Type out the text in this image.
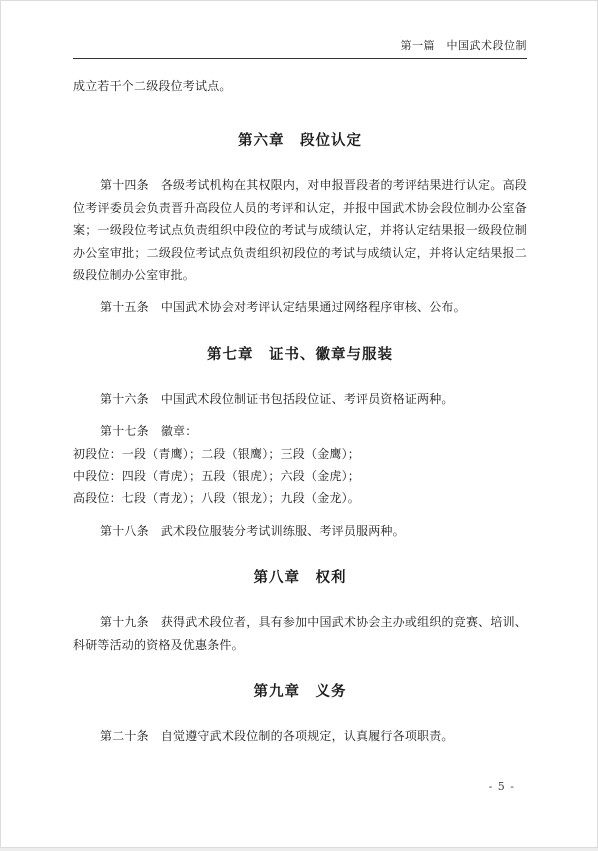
第一篇　中国武术段位制

成立若干个二级段位考试点。

第六章　段位认定

第十四条 各级考试机构在其权限内，对申报晋段者的考评结果进行认定。高段位考评委员会负责晋升高段位人员的考评和认定，并报中国武术协会段位制办公室备案；一级段位考试点负责组织中段位的考试与成绩认定，并将认定结果报一级段位制办公室审批；二级段位考试点负责组织初段位的考试与成绩认定，并将认定结果报二级段位制办公室审批。

第十五条 中国武术协会对考评认定结果通过网络程序审核、公布。

第七章　证书、徽章与服装

第十六条 中国武术段位制证书包括段位证、考评员资格证两种。

第十七条 徽章：

初段位：一段（青鹰）；二段（银鹰）；三段（金鹰）；

中段位：四段（青虎）；五段（银虎）；六段（金虎）；

高段位：七段（青龙）；八段（银龙）；九段（金龙）。

第十八条 武术段位服装分考试训练服、考评员服两种。

第八章　权利

第十九条 获得武术段位者，具有参加中国武术协会主办或组织的竞赛、培训、科研等活动的资格及优惠条件。

第九章　义务

第二十条 自觉遵守武术段位制的各项规定，认真履行各项职责。

- 5 -
